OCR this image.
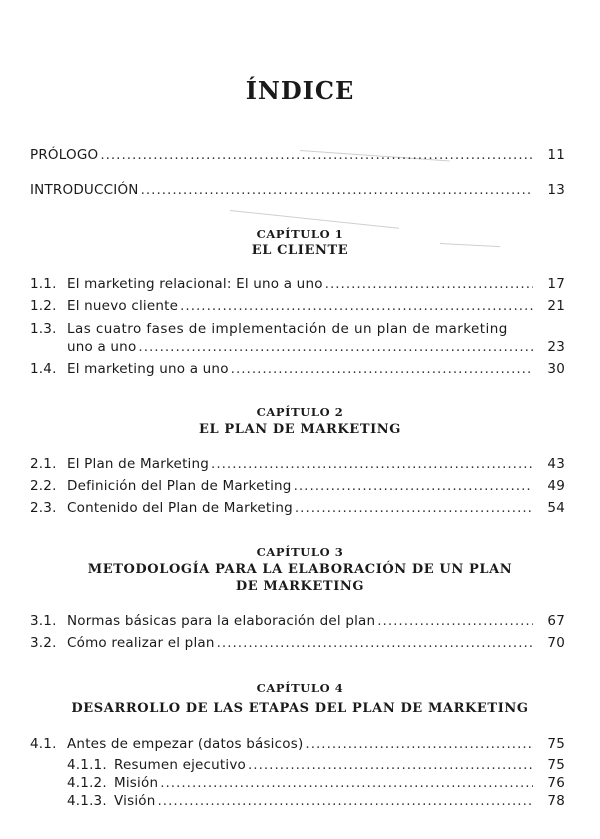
ÍNDICE
PRÓLOGO .....	11
INTRODUCCIÓN .....	13
CAPÍTULO 1
EL CLIENTE
1.1. El marketing relacional: El uno a uno .....	17
1.2. El nuevo cliente .....	21
1.3. Las cuatro fases de implementación de un plan de marketing
uno a uno .....	23
1.4. El marketing uno a uno .....	30
CAPÍTULO 2
EL PLAN DE MARKETING
2.1. El Plan de Marketing .....	43
2.2. Definición del Plan de Marketing .....	49
2.3. Contenido del Plan de Marketing .....	54
CAPÍTULO 3
METODOLOGÍA PARA LA ELABORACIÓN DE UN PLAN
DE MARKETING
3.1. Normas básicas para la elaboración del plan .....	67
3.2. Cómo realizar el plan .....	70
CAPÍTULO 4
DESARROLLO DE LAS ETAPAS DEL PLAN DE MARKETING
4.1. Antes de empezar (datos básicos) .....	75
4.1.1. Resumen ejecutivo .....	75
4.1.2. Misión .....	76
4.1.3. Visión .....	78
